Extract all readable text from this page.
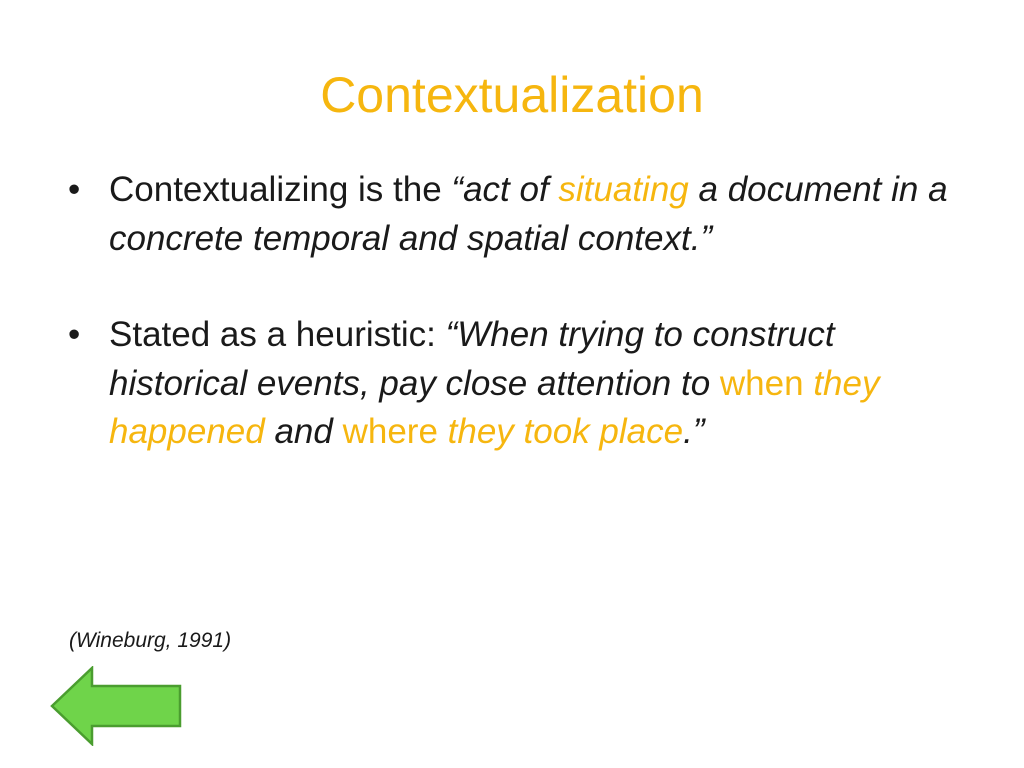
Contextualization
• Contextualizing is the “act of situating a document in a concrete temporal and spatial context.”
• Stated as a heuristic: “When trying to construct historical events, pay close attention to when they happened and where they took place.”

(Wineburg, 1991)
